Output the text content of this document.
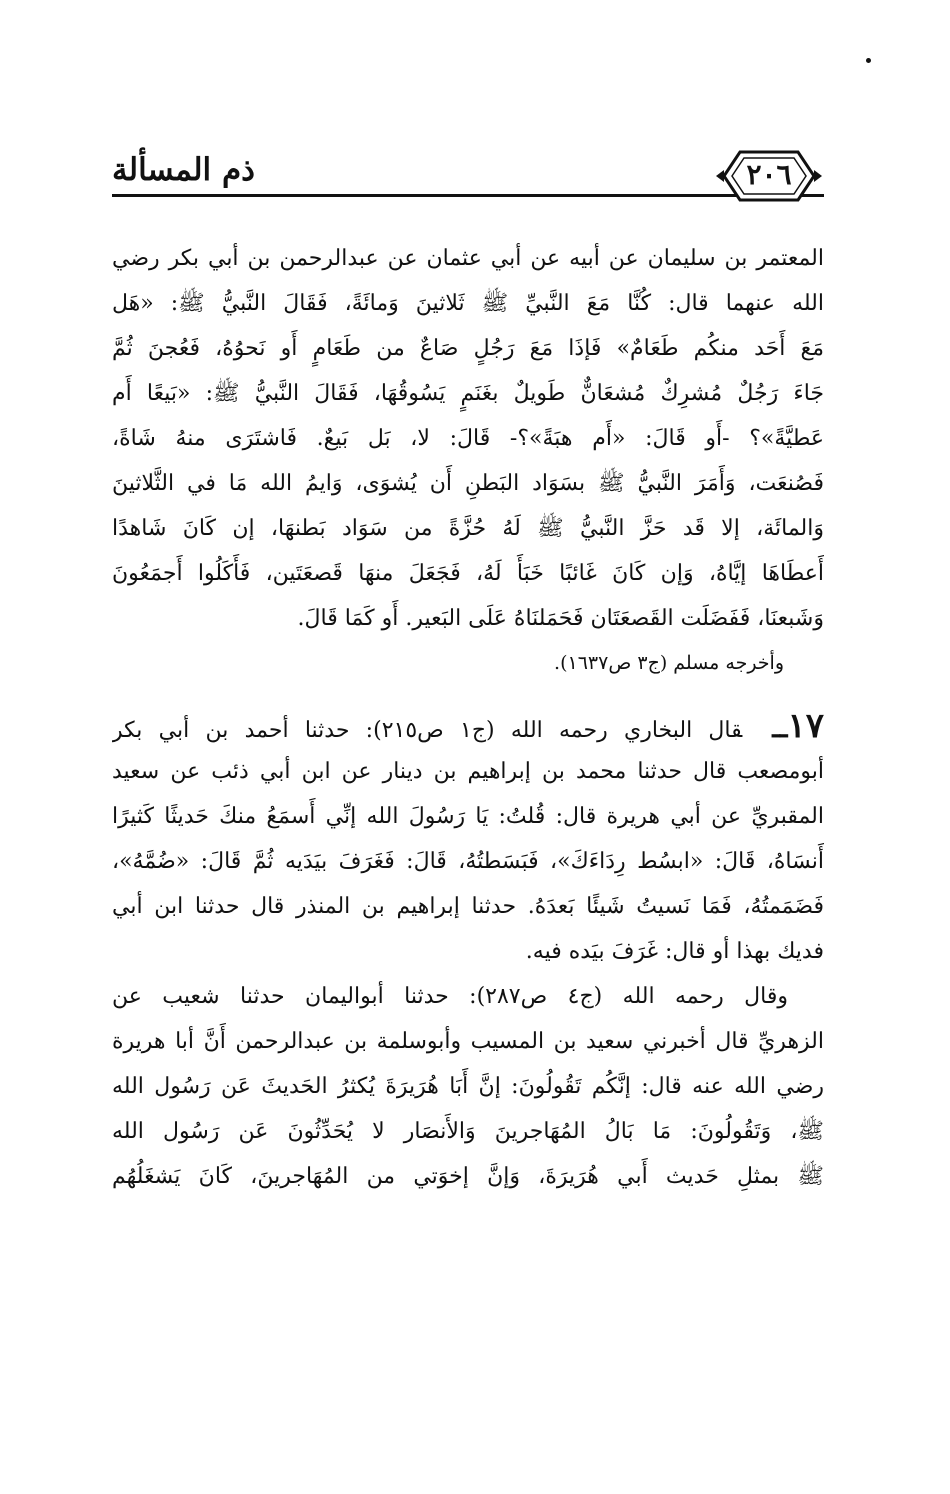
ذم المسألة	٢٠٦
المعتمر بن سليمان عن أبيه عن أبي عثمان عن عبدالرحمن بن أبي بكر رضي
الله عنهما قال: كُنَّا مَعَ النَّبيِّ ﷺ ثَلاثينَ وَمائَةً، فَقَالَ النَّبيُّ ﷺ: «هَل
مَعَ أَحَد منكُم طَعَامٌ» فَإذَا مَعَ رَجُلٍ صَاعٌ من طَعَامٍ أَو نَحوُهُ، فَعُجنَ ثُمَّ
جَاءَ رَجُلٌ مُشرِكٌ مُشعَانٌّ طَويلٌ بغَنَمٍ يَسُوقُهَا، فَقَالَ النَّبيُّ ﷺ: «بَيعًا أَم
عَطيَّةً»؟ -أَو قَالَ: «أَم هبَةً»؟- قَالَ: لا، بَل بَيعٌ. فَاشتَرَى منهُ شَاةً،
فَصُنعَت، وَأَمَرَ النَّبيُّ ﷺ بسَوَاد البَطنِ أَن يُشوَى، وَايمُ الله مَا في الثَّلاثينَ
وَالمائَة، إلا قَد حَزَّ النَّبيُّ ﷺ لَهُ حُزَّةً من سَوَاد بَطنهَا، إن كَانَ شَاهدًا
أَعطَاهَا إيَّاهُ، وَإن كَانَ غَائبًا خَبَأَ لَهُ، فَجَعَلَ منهَا قَصعَتَين، فَأَكَلُوا أَجمَعُونَ
وَشَبعنَا، فَفَضَلَت القَصعَتَان فَحَمَلنَاهُ عَلَى البَعير. أَو كَمَا قَالَ.
وأخرجه مسلم (ج٣ ص١٦٣٧).
١٧ــقال البخاري رحمه الله (ج١ ص٢١٥): حدثنا أحمد بن أبي بكر
أبومصعب قال حدثنا محمد بن إبراهيم بن دينار عن ابن أبي ذئب عن سعيد
المقبريِّ عن أبي هريرة قال: قُلتُ: يَا رَسُولَ الله إنِّي أَسمَعُ منكَ حَديثًا كَثيرًا
أَنسَاهُ، قَالَ: «ابسُط رِدَاءَكَ»، فَبَسَطتُهُ، قَالَ: فَغَرَفَ بيَدَيه ثُمَّ قَالَ: «ضُمَّهُ»،
فَضَمَمتُهُ، فَمَا نَسيتُ شَيئًا بَعدَهُ. حدثنا إبراهيم بن المنذر قال حدثنا ابن أبي
فديك بهذا أو قال: غَرَفَ بيَده فيه.
وقال رحمه الله (ج٤ ص٢٨٧): حدثنا أبواليمان حدثنا شعيب عن
الزهريِّ قال أخبرني سعيد بن المسيب وأبوسلمة بن عبدالرحمن أَنَّ أبا هريرة
رضي الله عنه قال: إنَّكُم تَقُولُونَ: إنَّ أَبَا هُرَيرَةَ يُكثرُ الحَديثَ عَن رَسُول الله
ﷺ، وَتَقُولُونَ: مَا بَالُ المُهَاجرينَ وَالأَنصَار لا يُحَدِّثُونَ عَن رَسُول الله
ﷺ بمثلِ حَديث أَبي هُرَيرَةَ، وَإنَّ إخوَتي من المُهَاجرينَ، كَانَ يَشغَلُهُم
